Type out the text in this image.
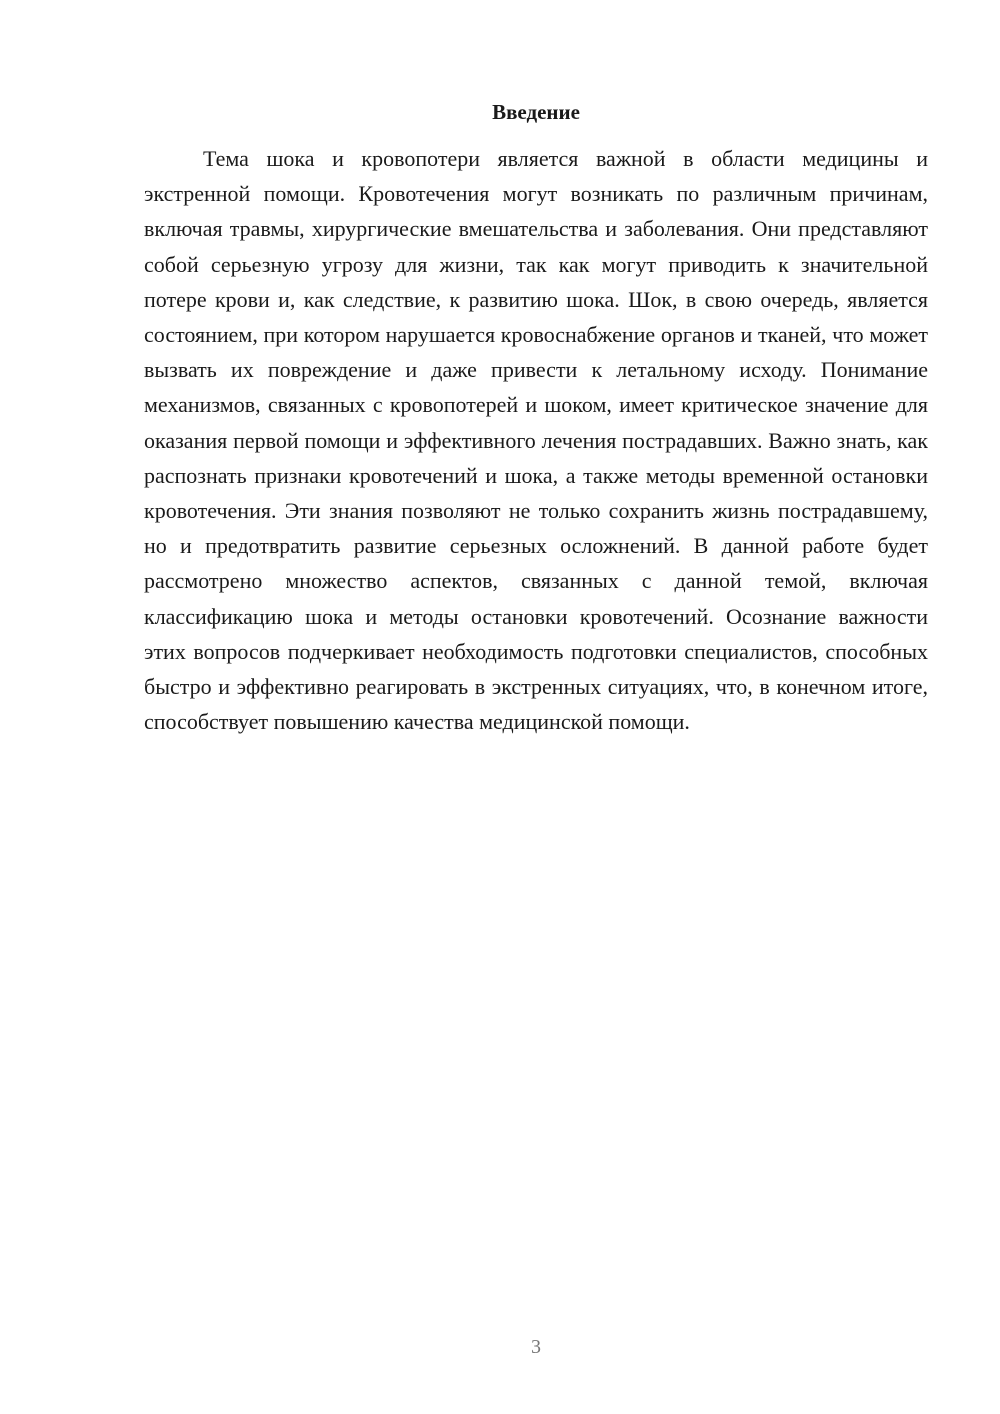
Введение

Тема шока и кровопотери является важной в области медицины и экстренной помощи. Кровотечения могут возникать по различным причинам, включая травмы, хирургические вмешательства и заболевания. Они представляют собой серьезную угрозу для жизни, так как могут приводить к значительной потере крови и, как следствие, к развитию шока. Шок, в свою очередь, является состоянием, при котором нарушается кровоснабжение органов и тканей, что может вызвать их повреждение и даже привести к летальному исходу. Понимание механизмов, связанных с кровопотерей и шоком, имеет критическое значение для оказания первой помощи и эффективного лечения пострадавших. Важно знать, как распознать признаки кровотечений и шока, а также методы временной остановки кровотечения. Эти знания позволяют не только сохранить жизнь пострадавшему, но и предотвратить развитие серьезных осложнений. В данной работе будет рассмотрено множество аспектов, связанных с данной темой, включая классификацию шока и методы остановки кровотечений. Осознание важности этих вопросов подчеркивает необходимость подготовки специалистов, способных быстро и эффективно реагировать в экстренных ситуациях, что, в конечном итоге, способствует повышению качества медицинской помощи.

3
